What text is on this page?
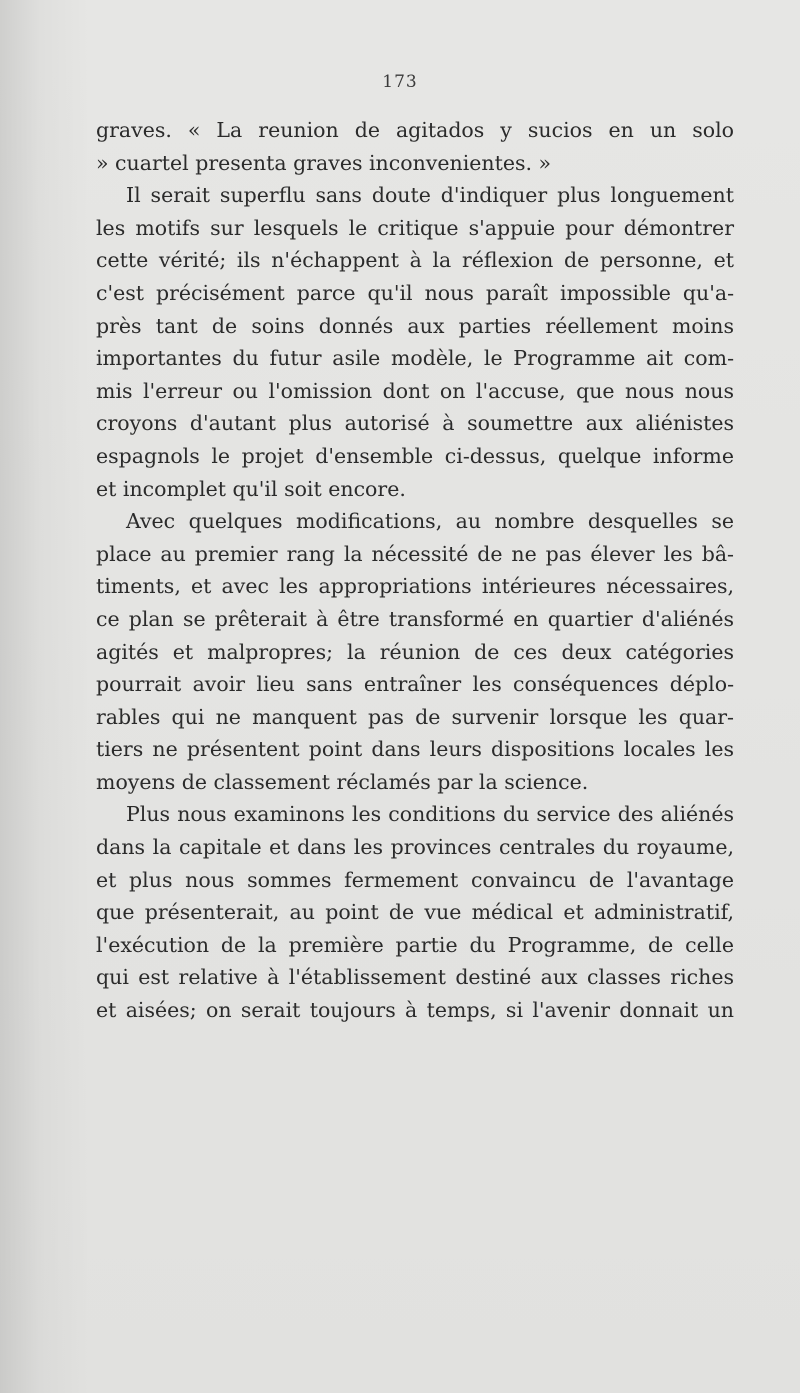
173
graves. « La reunion de agitados y sucios en un solo
» cuartel presenta graves inconvenientes. »
Il serait superflu sans doute d'indiquer plus longuement
les motifs sur lesquels le critique s'appuie pour démontrer
cette vérité; ils n'échappent à la réflexion de personne, et
c'est précisément parce qu'il nous paraît impossible qu'a-
près tant de soins donnés aux parties réellement moins
importantes du futur asile modèle, le Programme ait com-
mis l'erreur ou l'omission dont on l'accuse, que nous nous
croyons d'autant plus autorisé à soumettre aux aliénistes
espagnols le projet d'ensemble ci-dessus, quelque informe
et incomplet qu'il soit encore.
Avec quelques modifications, au nombre desquelles se
place au premier rang la nécessité de ne pas élever les bâ-
timents, et avec les appropriations intérieures nécessaires,
ce plan se prêterait à être transformé en quartier d'aliénés
agités et malpropres; la réunion de ces deux catégories
pourrait avoir lieu sans entraîner les conséquences déplo-
rables qui ne manquent pas de survenir lorsque les quar-
tiers ne présentent point dans leurs dispositions locales les
moyens de classement réclamés par la science.
Plus nous examinons les conditions du service des aliénés
dans la capitale et dans les provinces centrales du royaume,
et plus nous sommes fermement convaincu de l'avantage
que présenterait, au point de vue médical et administratif,
l'exécution de la première partie du Programme, de celle
qui est relative à l'établissement destiné aux classes riches
et aisées; on serait toujours à temps, si l'avenir donnait un
